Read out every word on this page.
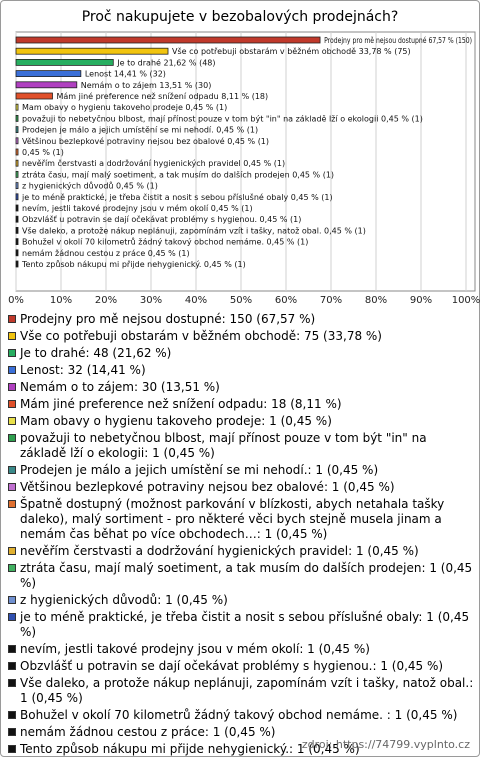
Proč nakupujete v bezobalových prodejnách?
0%	10% 20% 30% 40% 50% 60% 70% 80% 90% 100%
Prodejny pro mě nejsou dostupné 67 5
Vše co potřebuji obstarám v běžném obchodě 33,78 % (75)
Je to drahé 21,62 % (48)
Lenost 14,41 % (32)
Nemám o to zájem 13,51 % (30)
Mám jiné preference než snížení odpadu 8,11 % (18)
Mam obavy o hygienu takoveho prodeje 0,45 % (1)
považuji to nebetyčnou blbost, mají přínost pouze v tom být "in" na základě lží o ekologii 0,45 % (1)
Prodejen je málo a jejich umístění se mi nehodí. 0,45 % (1)
Většinou bezlepkové potraviny nejsou bez obalové 0,45 % (1)
0,45 % (1)
nevěřím čerstvasti a dodržování hygienických pravidel 0,45 % (1)
ztráta času, mají malý soetiment, a tak musím do dalších prodejen 0,45 % (1)
z hygienických důvodů 0,45 % (1)
je to méně praktické, je třeba čistit a nosit s sebou příslušné obaly 0,45 % (1)
nevím, jestli takové prodejny jsou v mém okolí 0,45 % (1)
Obzvlášť u potravin se dají očekávat problémy s hygienou. 0,45 % (1)
Vše daleko, a protože nákup neplánuji, zapomínám vzít i tašky, natož obal. 0,45 % (1)
Bohužel v okolí 70 kilometrů žádný takový obchod nemáme. 0,45 % (1)
nemám žádnou cestou z práce 0,45 % (1)
Tento způsob nákupu mi přijde nehygienický. 0,45 % (1)
Prodejny pro mě nejsou dostupné: 150 (67,57 %)
Vše co potřebuji obstarám v běžném obchodě: 75 (33,78 %)
Je to drahé: 48 (21,62 %)
Lenost: 32 (14,41 %)
Nemám o to zájem: 30 (13,51 %)
Mám jiné preference než snížení odpadu: 18 (8,11 %)
Mam obavy o hygienu takoveho prodeje: 1 (0,45 %)
považuji to nebetyčnou blbost, mají přínost pouze v tom být "in" na základě lží o ekologii: 1 (0,45 %)
Prodejen je málo a jejich umístění se mi nehodí.: 1 (0,45 %)
Většinou bezlepkové potraviny nejsou bez obalové: 1 (0,45 %)
Špatně dostupný (možnost parkování v blízkosti, abych netahala tašky daleko), malý sortiment - pro některé věci bych stejně musela jinam a nemám čas běhat po více obchodech…: 1 (0,45 %)
nevěřím čerstvasti a dodržování hygienických pravidel: 1 (0,45 %)
ztráta času, mají malý soetiment, a tak musím do dalších prodejen: 1 (0,45 %)
z hygienických důvodů: 1 (0,45 %)
je to méně praktické, je třeba čistit a nosit s sebou příslušné obaly: 1 (0,45 %)
nevím, jestli takové prodejny jsou v mém okolí: 1 (0,45 %)
Obzvlášť u potravin se dají očekávat problémy s hygienou.: 1 (0,45 %)
Vše daleko, a protože nákup neplánuji, zapomínám vzít i tašky, natož obal.: 1 (0,45 %)
Bohužel v okolí 70 kilometrů žádný takový obchod nemáme. : 1 (0,45 %)
nemám žádnou cestou z práce: 1 (0,45 %)
Tento způsob nákupu mi přijde nehygienický.: 1 (0,45 %)
zdroj: https://74799.vyplnto.cz
